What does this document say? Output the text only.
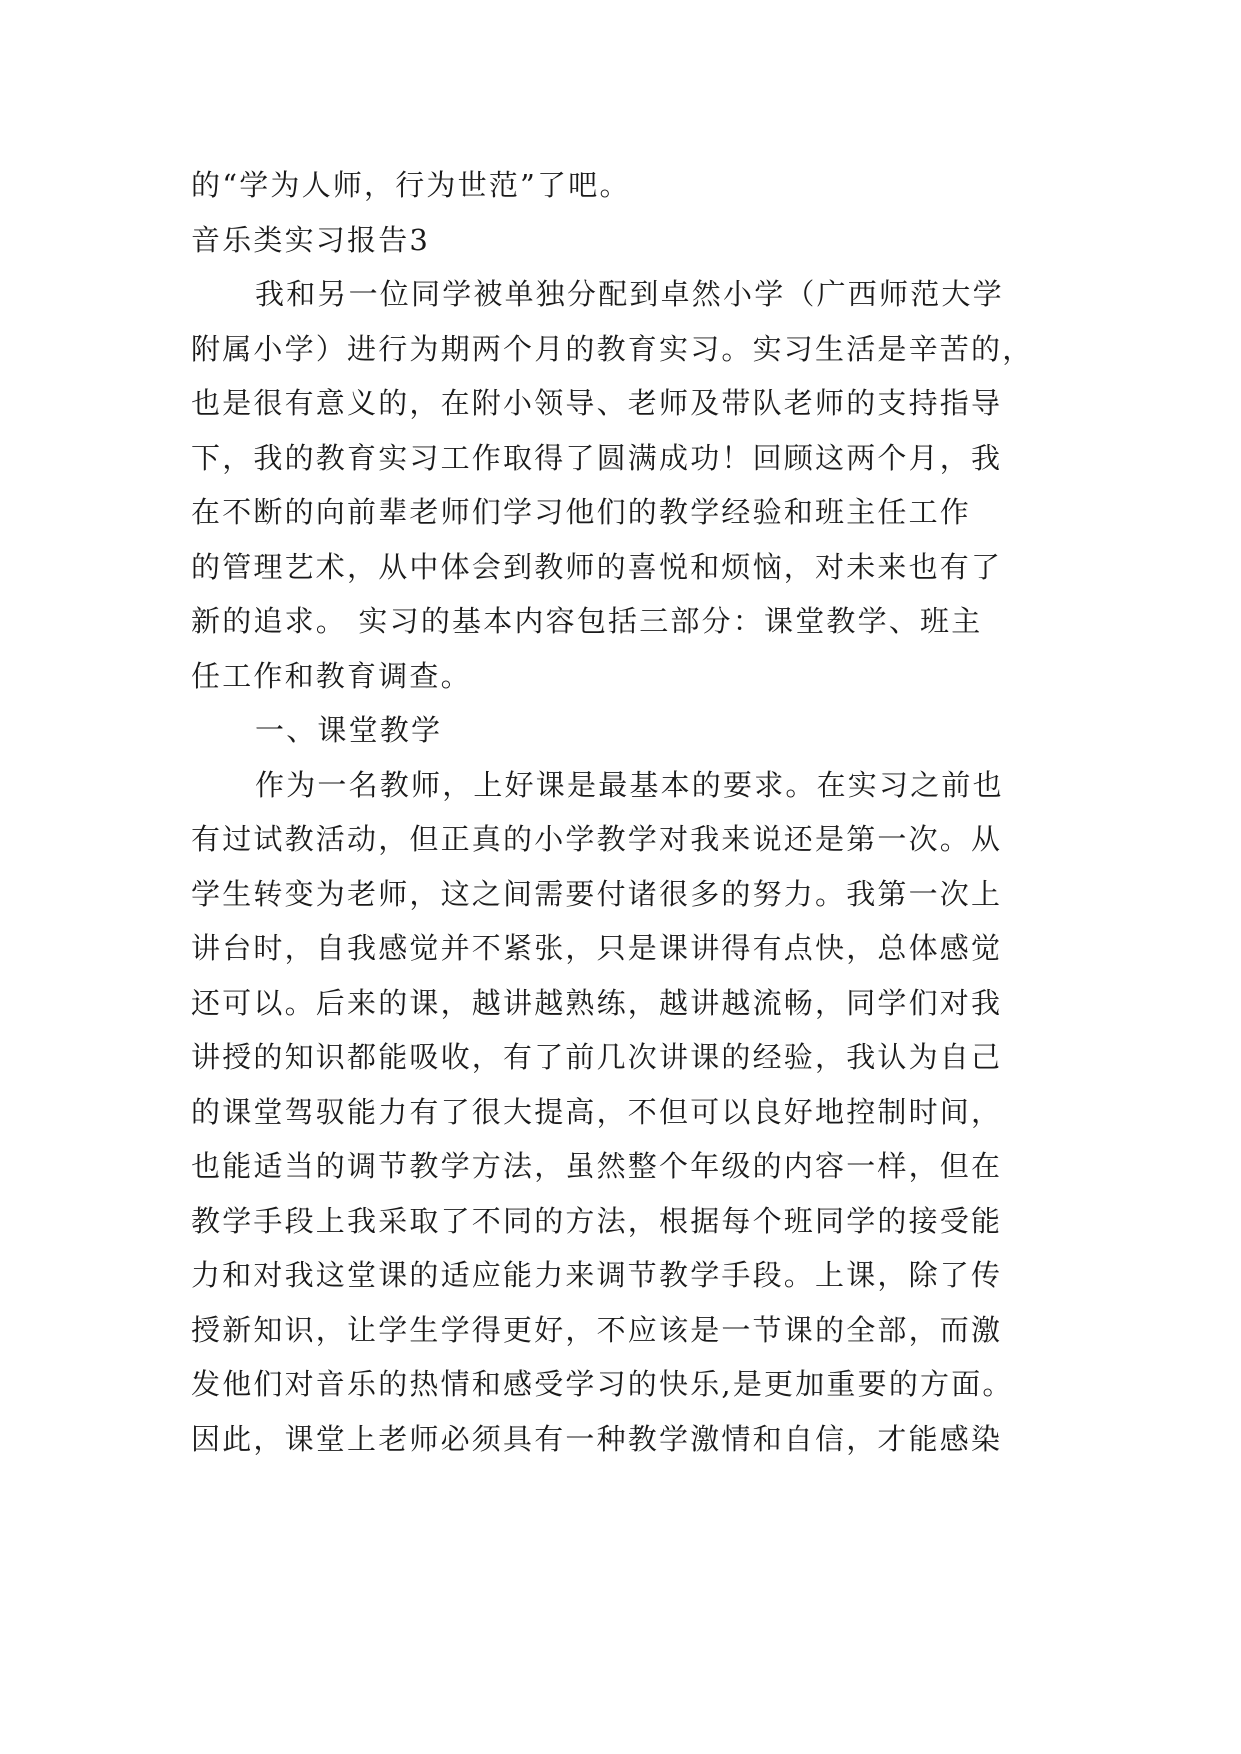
的“学为人师，行为世范”了吧。
音乐类实习报告3
我和另一位同学被单独分配到卓然小学（广西师范大学
附属小学）进行为期两个月的教育实习。实习生活是辛苦的，
也是很有意义的，在附小领导、老师及带队老师的支持指导
下，我的教育实习工作取得了圆满成功！回顾这两个月，我
在不断的向前辈老师们学习他们的教学经验和班主任工作
的管理艺术，从中体会到教师的喜悦和烦恼，对未来也有了
新的追求。 实习的基本内容包括三部分：课堂教学、班主
任工作和教育调查。
一、课堂教学
作为一名教师，上好课是最基本的要求。在实习之前也
有过试教活动，但正真的小学教学对我来说还是第一次。从
学生转变为老师，这之间需要付诸很多的努力。我第一次上
讲台时，自我感觉并不紧张，只是课讲得有点快，总体感觉
还可以。后来的课，越讲越熟练，越讲越流畅，同学们对我
讲授的知识都能吸收，有了前几次讲课的经验，我认为自己
的课堂驾驭能力有了很大提高，不但可以良好地控制时间，
也能适当的调节教学方法，虽然整个年级的内容一样，但在
教学手段上我采取了不同的方法，根据每个班同学的接受能
力和对我这堂课的适应能力来调节教学手段。上课，除了传
授新知识，让学生学得更好，不应该是一节课的全部，而激
发他们对音乐的热情和感受学习的快乐,是更加重要的方面。
因此，课堂上老师必须具有一种教学激情和自信，才能感染
